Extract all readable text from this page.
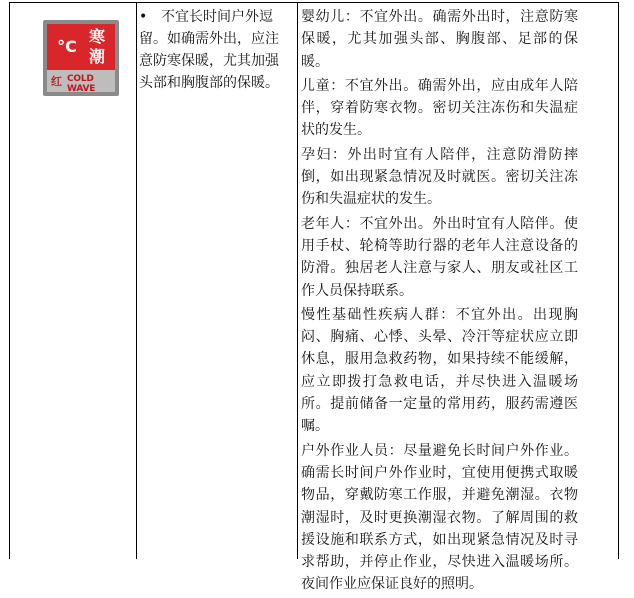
°C
寒
潮
红 COLD WAVE
• 不宜长时间户外逗留。如确需外出，应注意防寒保暖，尤其加强头部和胸腹部的保暖。

婴幼儿：不宜外出。确需外出时，注意防寒保暖，尤其加强头部、胸腹部、足部的保暖。

儿童：不宜外出。确需外出，应由成年人陪伴，穿着防寒衣物。密切关注冻伤和失温症状的发生。

孕妇：外出时宜有人陪伴，注意防滑防摔倒，如出现紧急情况及时就医。密切关注冻伤和失温症状的发生。

老年人：不宜外出。外出时宜有人陪伴。使用手杖、轮椅等助行器的老年人注意设备的防滑。独居老人注意与家人、朋友或社区工作人员保持联系。

慢性基础性疾病人群：不宜外出。出现胸闷、胸痛、心悸、头晕、冷汗等症状应立即休息，服用急救药物，如果持续不能缓解，应立即拨打急救电话，并尽快进入温暖场所。提前储备一定量的常用药，服药需遵医嘱。

户外作业人员：尽量避免长时间户外作业。确需长时间户外作业时，宜使用便携式取暖物品，穿戴防寒工作服，并避免潮湿。衣物潮湿时，及时更换潮湿衣物。了解周围的救援设施和联系方式，如出现紧急情况及时寻求帮助，并停止作业，尽快进入温暖场所。夜间作业应保证良好的照明。
